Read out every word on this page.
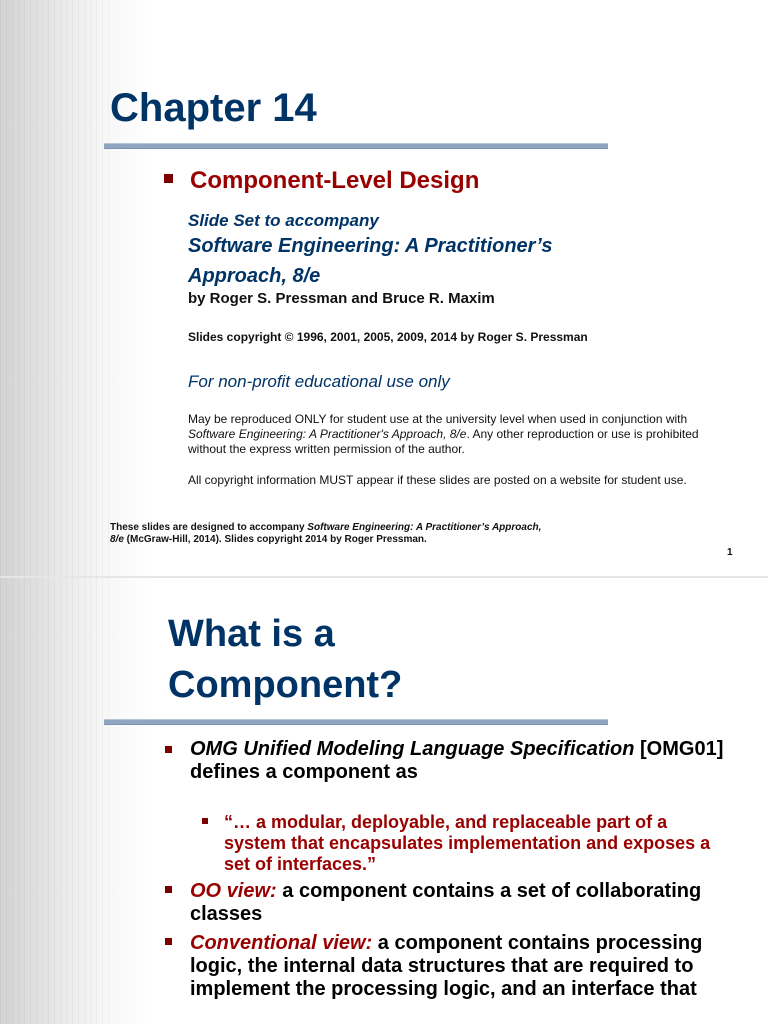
Chapter 14
Component-Level Design
Slide Set to accompany
Software Engineering: A Practitioner’s
Approach, 8/e
by Roger S. Pressman and Bruce R. Maxim
Slides copyright © 1996, 2001, 2005, 2009, 2014 by Roger S. Pressman
For non-profit educational use only

May be reproduced ONLY for student use at the university level when used in conjunction with Software Engineering: A Practitioner's Approach, 8/e. Any other reproduction or use is prohibited without the express written permission of the author.

All copyright information MUST appear if these slides are posted on a website for student use.

These slides are designed to accompany Software Engineering: A Practitioner’s Approach, 8/e (McGraw-Hill, 2014). Slides copyright 2014 by Roger Pressman.

1
What is a
Component?

OMG Unified Modeling Language Specification [OMG01] defines a component as

“… a modular, deployable, and replaceable part of a system that encapsulates implementation and exposes a set of interfaces.”

OO view: a component contains a set of collaborating classes

Conventional view: a component contains processing logic, the internal data structures that are required to implement the processing logic, and an interface that
